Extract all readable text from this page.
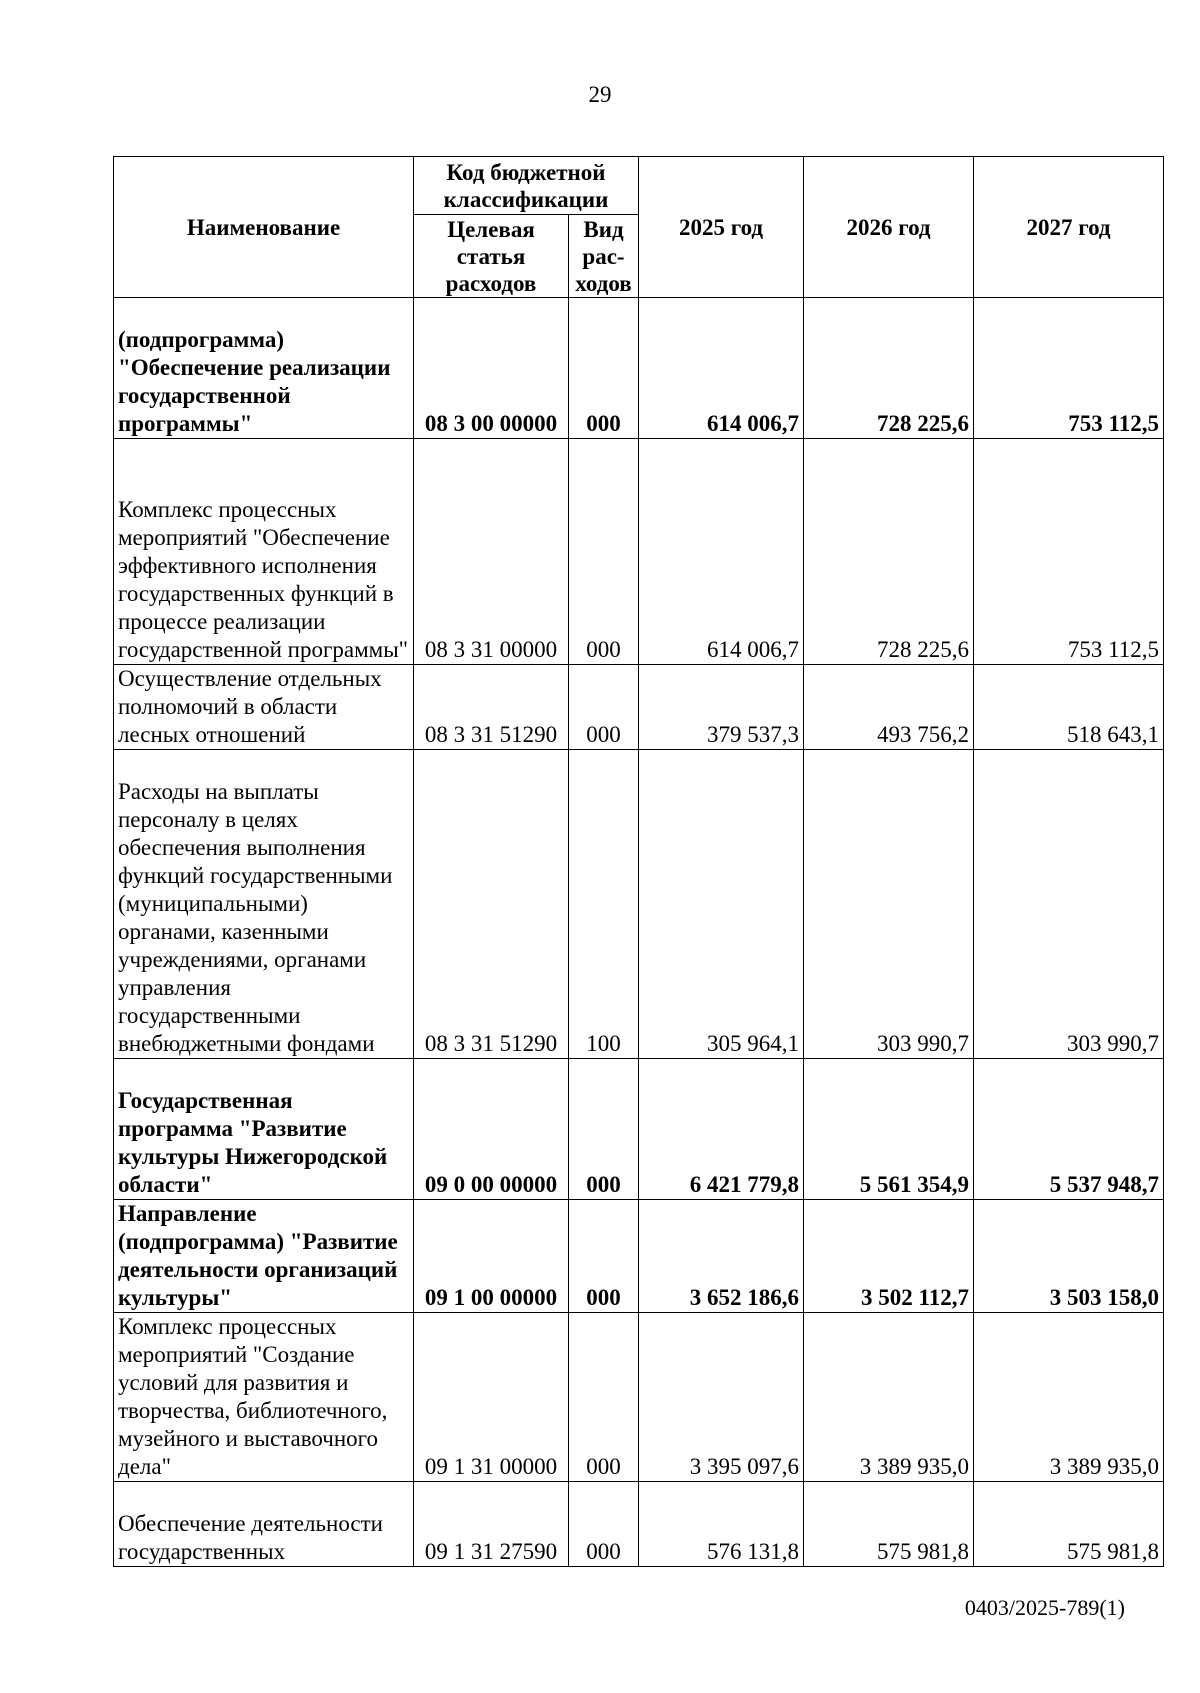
29
Наименование	Код бюджетной классификации		2025 год	2026 год	2027 год
	Целевая статья расходов	Вид рас-ходов			
(подпрограмма) "Обеспечение реализации государственной программы"	08 3 00 00000	000	614 006,7	728 225,6	753 112,5
Комплекс процессных мероприятий "Обеспечение эффективного исполнения государственных функций в процессе реализации государственной программы"	08 3 31 00000	000	614 006,7	728 225,6	753 112,5
Осуществление отдельных полномочий в области лесных отношений	08 3 31 51290	000	379 537,3	493 756,2	518 643,1
Расходы на выплаты персоналу в целях обеспечения выполнения функций государственными (муниципальными) органами, казенными учреждениями, органами управления государственными внебюджетными фондами	08 3 31 51290	100	305 964,1	303 990,7	303 990,7
Государственная программа "Развитие культуры Нижегородской области"	09 0 00 00000	000	6 421 779,8	5 561 354,9	5 537 948,7
Направление (подпрограмма) "Развитие деятельности организаций культуры"	09 1 00 00000	000	3 652 186,6	3 502 112,7	3 503 158,0
Комплекс процессных мероприятий "Создание условий для развития и творчества, библиотечного, музейного и выставочного дела"	09 1 31 00000	000	3 395 097,6	3 389 935,0	3 389 935,0
Обеспечение деятельности государственных	09 1 31 27590	000	576 131,8	575 981,8	575 981,8
0403/2025-789(1)
